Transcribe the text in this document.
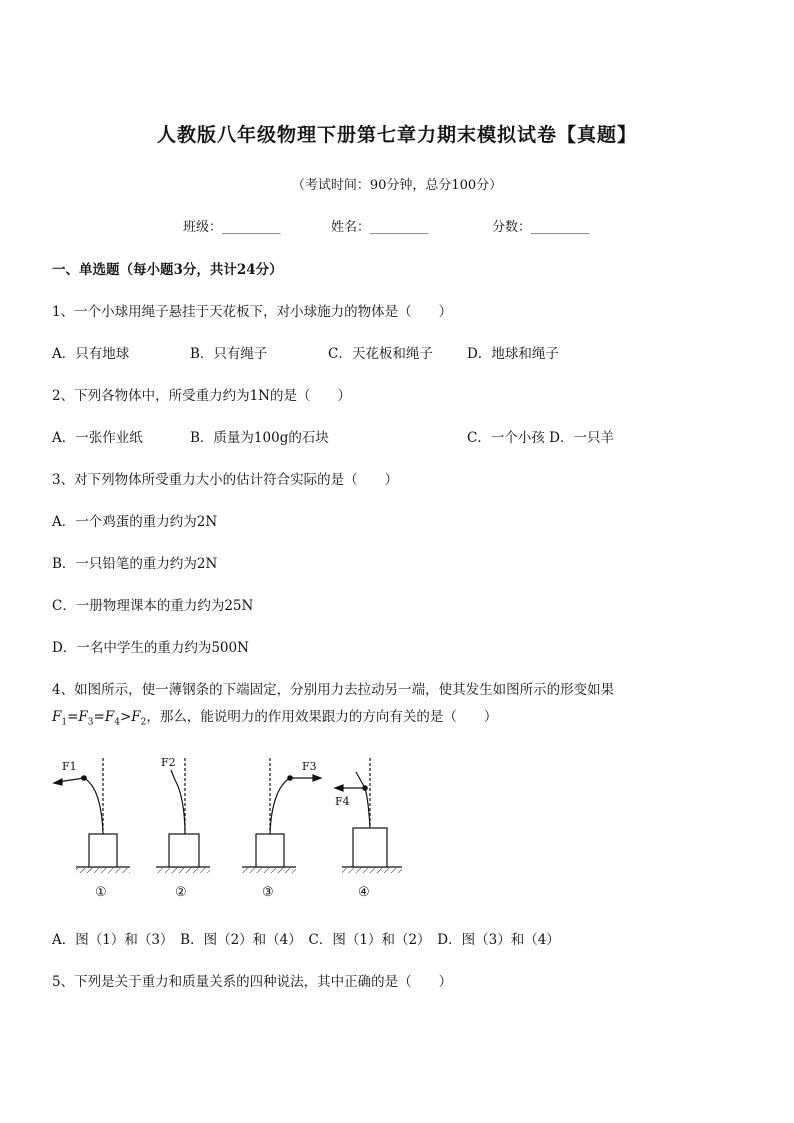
人教版八年级物理下册第七章力期末模拟试卷【真题】
（考试时间：90分钟，总分100分）
班级：_________	姓名：_________	分数：_________
一、单选题（每小题3分，共计24分）
1、一个小球用绳子悬挂于天花板下，对小球施力的物体是（　　）
A．只有地球	B．只有绳子	C．天花板和绳子	D．地球和绳子
2、下列各物体中，所受重力约为1N的是（　　）
A．一张作业纸	B．质量为100g的石块	C．一个小孩 D．一只羊
3、对下列物体所受重力大小的估计符合实际的是（　　）
A．一个鸡蛋的重力约为2N
B．一只铅笔的重力约为2N
C．一册物理课本的重力约为25N
D．一名中学生的重力约为500N
4、如图所示，使一薄钢条的下端固定，分别用力去拉动另一端，使其发生如图所示的形变如果
$F_1=F_3=F_4>F_2$，那么，能说明力的作用效果跟力的方向有关的是（　　）
F1	F2	F3
F4
①	②	③	④
A．图（1）和（3）　B．图（2）和（4）　C．图（1）和（2）　D．图（3）和（4）
5、下列是关于重力和质量关系的四种说法，其中正确的是（　　）
